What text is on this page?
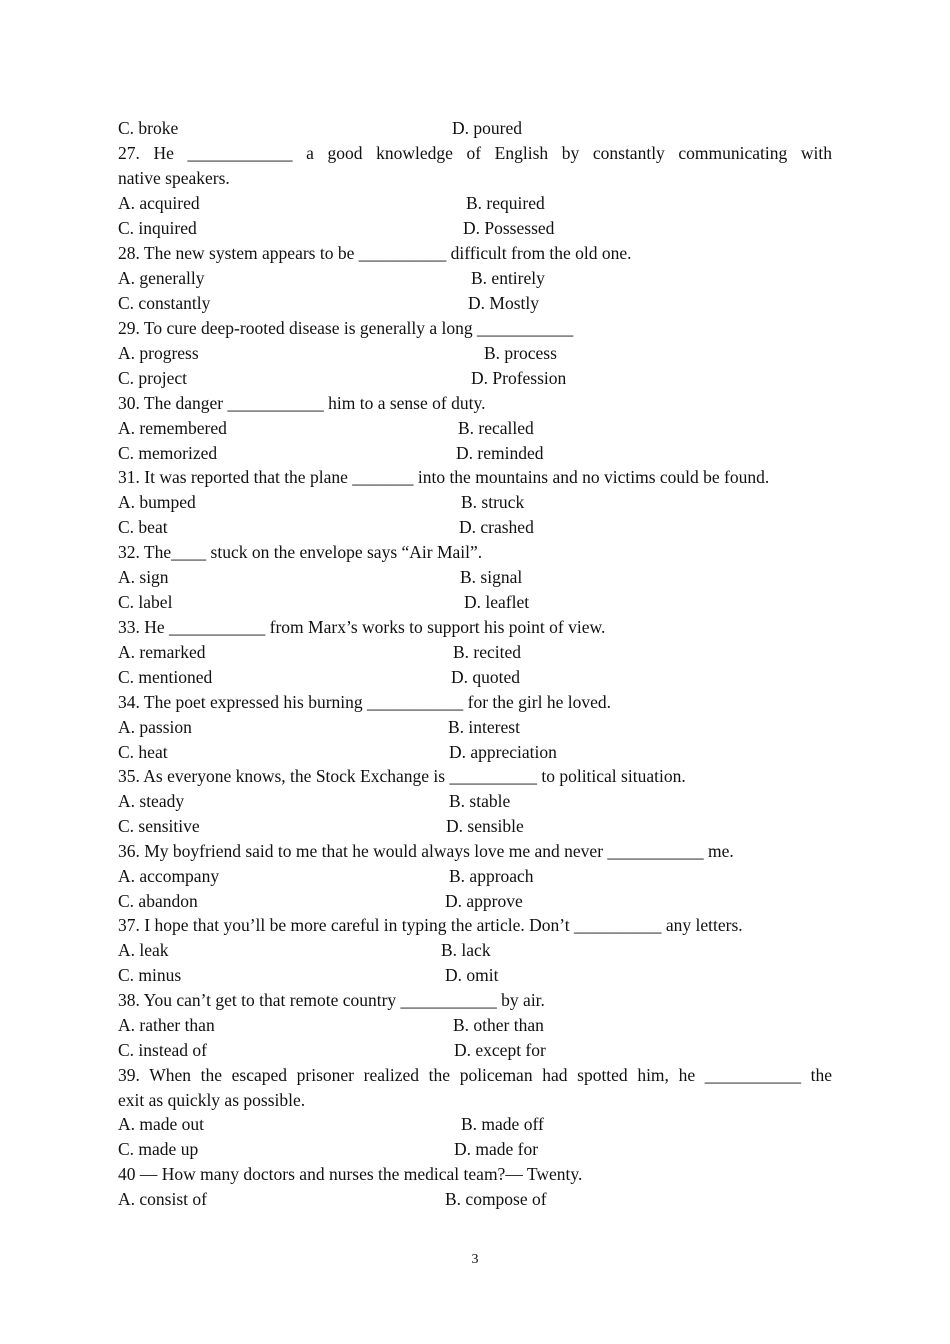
C. broke	D. poured
27. He ____________ a good knowledge of English by constantly communicating with
native speakers.
A. acquired	B. required
C. inquired	D. Possessed
28. The new system appears to be __________ difficult from the old one.
A. generally	B. entirely
C. constantly	D. Mostly
29. To cure deep-rooted disease is generally a long ___________
A. progress	B. process
C. project	D. Profession
30. The danger ___________ him to a sense of duty.
A. remembered	B. recalled
C. memorized	D. reminded
31. It was reported that the plane _______ into the mountains and no victims could be found.
A. bumped	B. struck
C. beat	D. crashed
32. The____ stuck on the envelope says “Air Mail”.
A. sign	B. signal
C. label	D. leaflet
33. He ___________ from Marx’s works to support his point of view.
A. remarked	B. recited
C. mentioned	D. quoted
34. The poet expressed his burning ___________ for the girl he loved.
A. passion	B. interest
C. heat	D. appreciation
35. As everyone knows, the Stock Exchange is __________ to political situation.
A. steady	B. stable
C. sensitive	D. sensible
36. My boyfriend said to me that he would always love me and never ___________ me.
A. accompany	B. approach
C. abandon	D. approve
37. I hope that you’ll be more careful in typing the article. Don’t __________ any letters.
A. leak	B. lack
C. minus	D. omit
38. You can’t get to that remote country ___________ by air.
A. rather than	B. other than
C. instead of	D. except for
39. When the escaped prisoner realized the policeman had spotted him, he ___________ the
exit as quickly as possible.
A. made out	B. made off
C. made up	D. made for
40 — How many doctors and nurses the medical team?— Twenty.
A. consist of	B. compose of
3
